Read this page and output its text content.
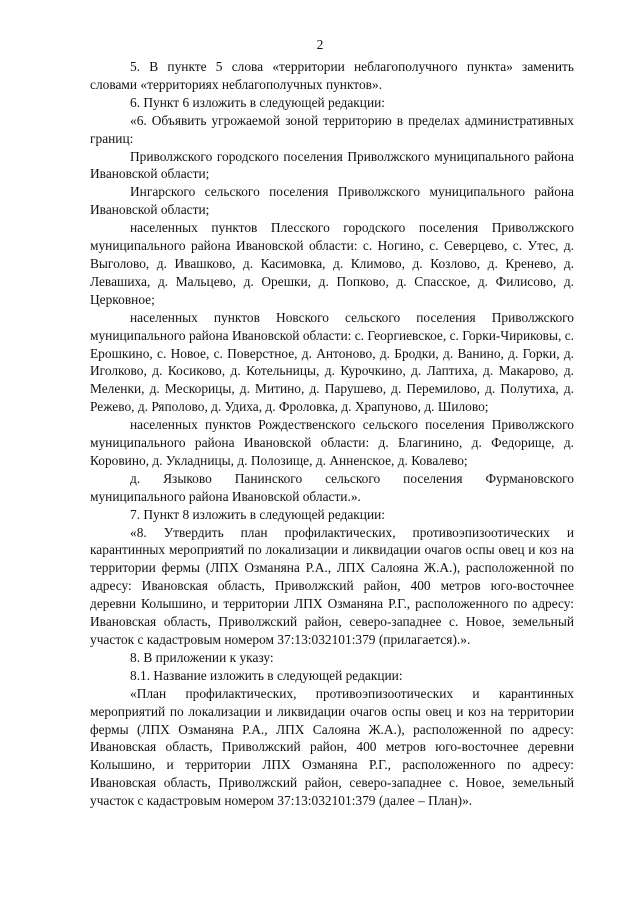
2

5. В пункте 5 слова «территории неблагополучного пункта» заменить словами «территориях неблагополучных пунктов».

6. Пункт 6 изложить в следующей редакции:

«6. Объявить угрожаемой зоной территорию в пределах административных границ:

Приволжского городского поселения Приволжского муниципального района Ивановской области;

Ингарского сельского поселения Приволжского муниципального района Ивановской области;

населенных пунктов Плесского городского поселения Приволжского муниципального района Ивановской области: с. Ногино, с. Северцево, с. Утес, д. Выголово, д. Ивашково, д. Касимовка, д. Климово, д. Козлово, д. Кренево, д. Левашиха, д. Мальцево, д. Орешки, д. Попково, д. Спасское, д. Филисово, д. Церковное;

населенных пунктов Новского сельского поселения Приволжского муниципального района Ивановской области: с. Георгиевское, с. Горки-Чириковы, с. Ерошкино, с. Новое, с. Поверстное, д. Антоново, д. Бродки, д. Ванино, д. Горки, д. Иголково, д. Косиково, д. Котельницы, д. Курочкино, д. Лаптиха, д. Макарово, д. Меленки, д. Мескорицы, д. Митино, д. Парушево, д. Перемилово, д. Полутиха, д. Режево, д. Ряполово, д. Удиха, д. Фроловка, д. Храпуново, д. Шилово;

населенных пунктов Рождественского сельского поселения Приволжского муниципального района Ивановской области: д. Благинино, д. Федорище, д. Коровино, д. Укладницы, д. Полозище, д. Анненское, д. Ковалево;

д. Языково Панинского сельского поселения Фурмановского муниципального района Ивановской области.».

7. Пункт 8 изложить в следующей редакции:

«8. Утвердить план профилактических, противоэпизоотических и карантинных мероприятий по локализации и ликвидации очагов оспы овец и коз на территории фермы (ЛПХ Озманяна Р.А., ЛПХ Салояна Ж.А.), расположенной по адресу: Ивановская область, Приволжский район, 400 метров юго-восточнее деревни Колышино, и территории ЛПХ Озманяна Р.Г., расположенного по адресу: Ивановская область, Приволжский район, северо-западнее с. Новое, земельный участок с кадастровым номером 37:13:032101:379 (прилагается).».

8. В приложении к указу:

8.1. Название изложить в следующей редакции:

«План профилактических, противоэпизоотических и карантинных мероприятий по локализации и ликвидации очагов оспы овец и коз на территории фермы (ЛПХ Озманяна Р.А., ЛПХ Салояна Ж.А.), расположенной по адресу: Ивановская область, Приволжский район, 400 метров юго-восточнее деревни Колышино, и территории ЛПХ Озманяна Р.Г., расположенного по адресу: Ивановская область, Приволжский район, северо-западнее с. Новое, земельный участок с кадастровым номером 37:13:032101:379 (далее – План)».
